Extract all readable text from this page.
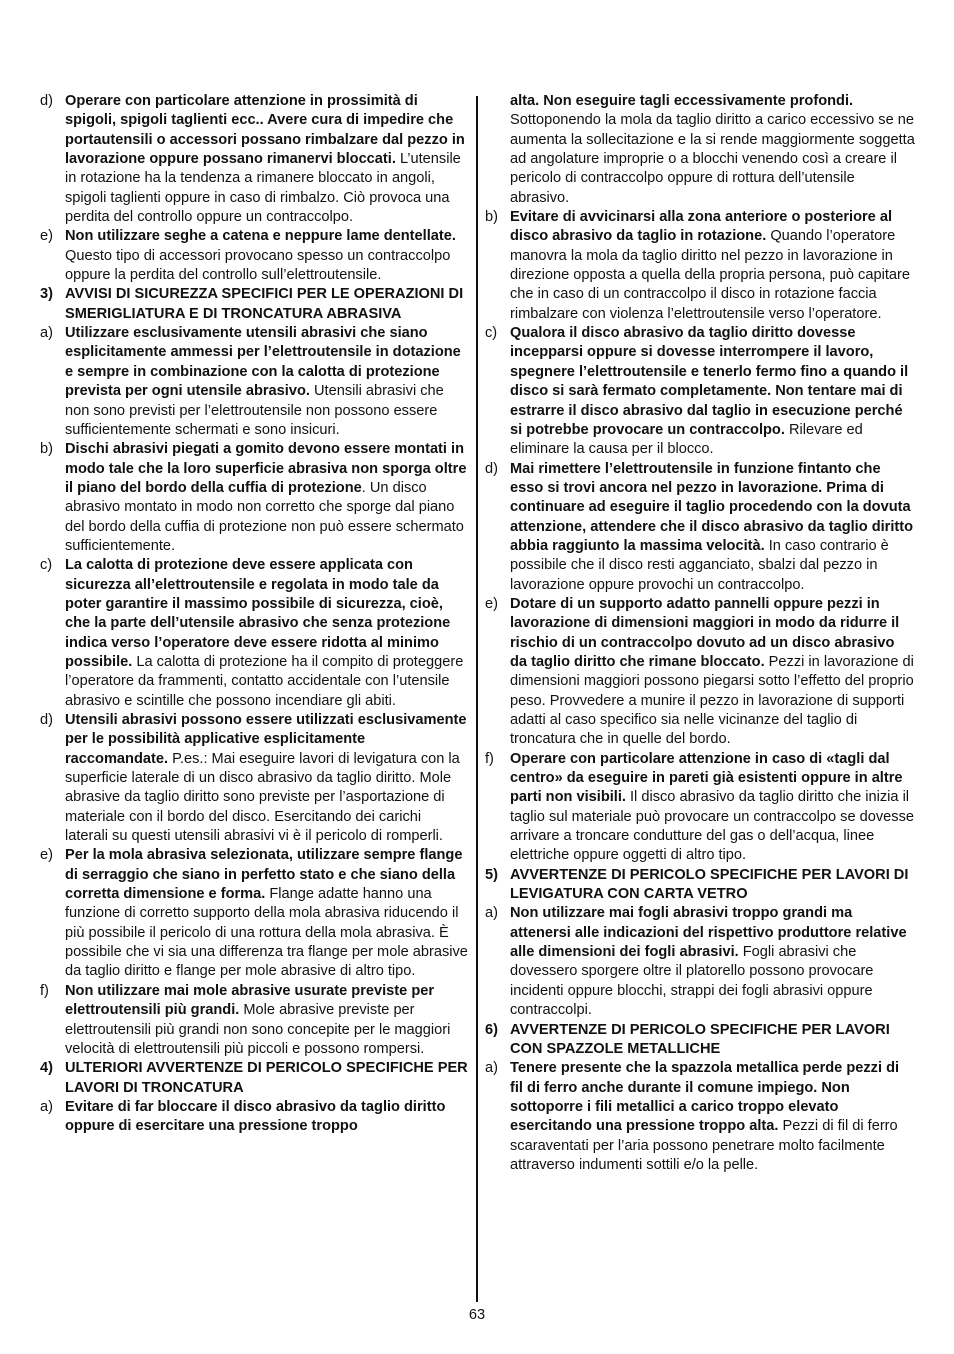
d) Operare con particolare attenzione in prossimità di spigoli, spigoli taglienti ecc.. Avere cura di impedire che portautensili o accessori possano rimbalzare dal pezzo in lavorazione oppure possano rimanervi bloccati. L’utensile in rotazione ha la tendenza a rimanere bloccato in angoli, spigoli taglienti oppure in caso di rimbalzo. Ciò provoca una perdita del controllo oppure un contraccolpo.
e) Non utilizzare seghe a catena e neppure lame dentellate. Questo tipo di accessori provocano spesso un contraccolpo oppure la perdita del controllo sull’elettroutensile.
3) AVVISI DI SICUREZZA SPECIFICI PER LE OPERAZIONI DI SMERIGLIATURA E DI TRONCATURA ABRASIVA
a) Utilizzare esclusivamente utensili abrasivi che siano esplicitamente ammessi per l’elettroutensile in dotazione e sempre in combinazione con la calotta di protezione prevista per ogni utensile abrasivo. Utensili abrasivi che non sono previsti per l’elettroutensile non possono essere sufficientemente schermati e sono insicuri.
b) Dischi abrasivi piegati a gomito devono essere montati in modo tale che la loro superficie abrasiva non sporga oltre il piano del bordo della cuffia di protezione. Un disco abrasivo montato in modo non corretto che sporge dal piano del bordo della cuffia di protezione non può essere schermato sufficientemente.
c) La calotta di protezione deve essere applicata con sicurezza all’elettroutensile e regolata in modo tale da poter garantire il massimo possibile di sicurezza, cioè, che la parte dell’utensile abrasivo che senza protezione indica verso l’operatore deve essere ridotta al minimo possibile. La calotta di protezione ha il compito di proteggere l’operatore da frammenti, contatto accidentale con l’utensile abrasivo e scintille che possono incendiare gli abiti.
d) Utensili abrasivi possono essere utilizzati esclusivamente per le possibilità applicative esplicitamente raccomandate. P.es.: Mai eseguire lavori di levigatura con la superficie laterale di un disco abrasivo da taglio diritto. Mole abrasive da taglio diritto sono previste per l’asportazione di materiale con il bordo del disco. Esercitando dei carichi laterali su questi utensili abrasivi vi è il pericolo di romperli.
e) Per la mola abrasiva selezionata, utilizzare sempre flange di serraggio che siano in perfetto stato e che siano della corretta dimensione e forma. Flange adatte hanno una funzione di corretto supporto della mola abrasiva riducendo il più possibile il pericolo di una rottura della mola abrasiva. È possibile che vi sia una differenza tra flange per mole abrasive da taglio diritto e flange per mole abrasive di altro tipo.
f)	Non utilizzare mai mole abrasive usurate previste per elettroutensili più grandi. Mole abrasive previste per elettroutensili più grandi non sono concepite per le maggiori velocità di elettroutensili più piccoli e possono rompersi.
4) ULTERIORI AVVERTENZE DI PERICOLO SPECIFICHE PER LAVORI DI TRONCATURA
a) Evitare di far bloccare il disco abrasivo da taglio diritto oppure di esercitare una pressione troppo
alta. Non eseguire tagli eccessivamente profondi. Sottoponendo la mola da taglio diritto a carico eccessivo se ne aumenta la sollecitazione e la si rende maggiormente soggetta ad angolature improprie o a blocchi venendo così a creare il pericolo di contraccolpo oppure di rottura dell’utensile abrasivo.
b) Evitare di avvicinarsi alla zona anteriore o posteriore al disco abrasivo da taglio in rotazione. Quando l’operatore manovra la mola da taglio diritto nel pezzo in lavorazione in direzione opposta a quella della propria persona, può capitare che in caso di un contraccolpo il disco in rotazione faccia rimbalzare con violenza l’elettroutensile verso l’operatore.
c) Qualora il disco abrasivo da taglio diritto dovesse incepparsi oppure si dovesse interrompere il lavoro, spegnere l’elettroutensile e tenerlo fermo fino a quando il disco si sarà fermato completamente. Non tentare mai di estrarre il disco abrasivo dal taglio in esecuzione perché si potrebbe provocare un contraccolpo. Rilevare ed eliminare la causa per il blocco.
d) Mai rimettere l’elettroutensile in funzione fintanto che esso si trovi ancora nel pezzo in lavorazione. Prima di continuare ad eseguire il taglio procedendo con la dovuta attenzione, attendere che il disco abrasivo da taglio diritto abbia raggiunto la massima velocità. In caso contrario è possibile che il disco resti agganciato, sbalzi dal pezzo in lavorazione oppure provochi un contraccolpo.
e) Dotare di un supporto adatto pannelli oppure pezzi in lavorazione di dimensioni maggiori in modo da ridurre il rischio di un contraccolpo dovuto ad un disco abrasivo da taglio diritto che rimane bloccato. Pezzi in lavorazione di dimensioni maggiori possono piegarsi sotto l’effetto del proprio peso. Provvedere a munire il pezzo in lavorazione di supporti adatti al caso specifico sia nelle vicinanze del taglio di troncatura che in quelle del bordo.
f)	Operare con particolare attenzione in caso di «tagli dal centro» da eseguire in pareti già esistenti oppure in altre parti non visibili. Il disco abrasivo da taglio diritto che inizia il taglio sul materiale può provocare un contraccolpo se dovesse arrivare a troncare condutture del gas o dell’acqua, linee elettriche oppure oggetti di altro tipo.
5) AVVERTENZE DI PERICOLO SPECIFICHE PER LAVORI DI LEVIGATURA CON CARTA VETRO
a) Non utilizzare mai fogli abrasivi troppo grandi ma attenersi alle indicazioni del rispettivo produttore relative alle dimensioni dei fogli abrasivi. Fogli abrasivi che dovessero sporgere oltre il platorello possono provocare incidenti oppure blocchi, strappi dei fogli abrasivi oppure contraccolpi.
6) AVVERTENZE DI PERICOLO SPECIFICHE PER LAVORI CON SPAZZOLE METALLICHE
a) Tenere presente che la spazzola metallica perde pezzi di fil di ferro anche durante il comune impiego. Non sottoporre i fili metallici a carico troppo elevato esercitando una pressione troppo alta. Pezzi di fil di ferro scaraventati per l’aria possono penetrare molto facilmente attraverso indumenti sottili e/o la pelle.
63
